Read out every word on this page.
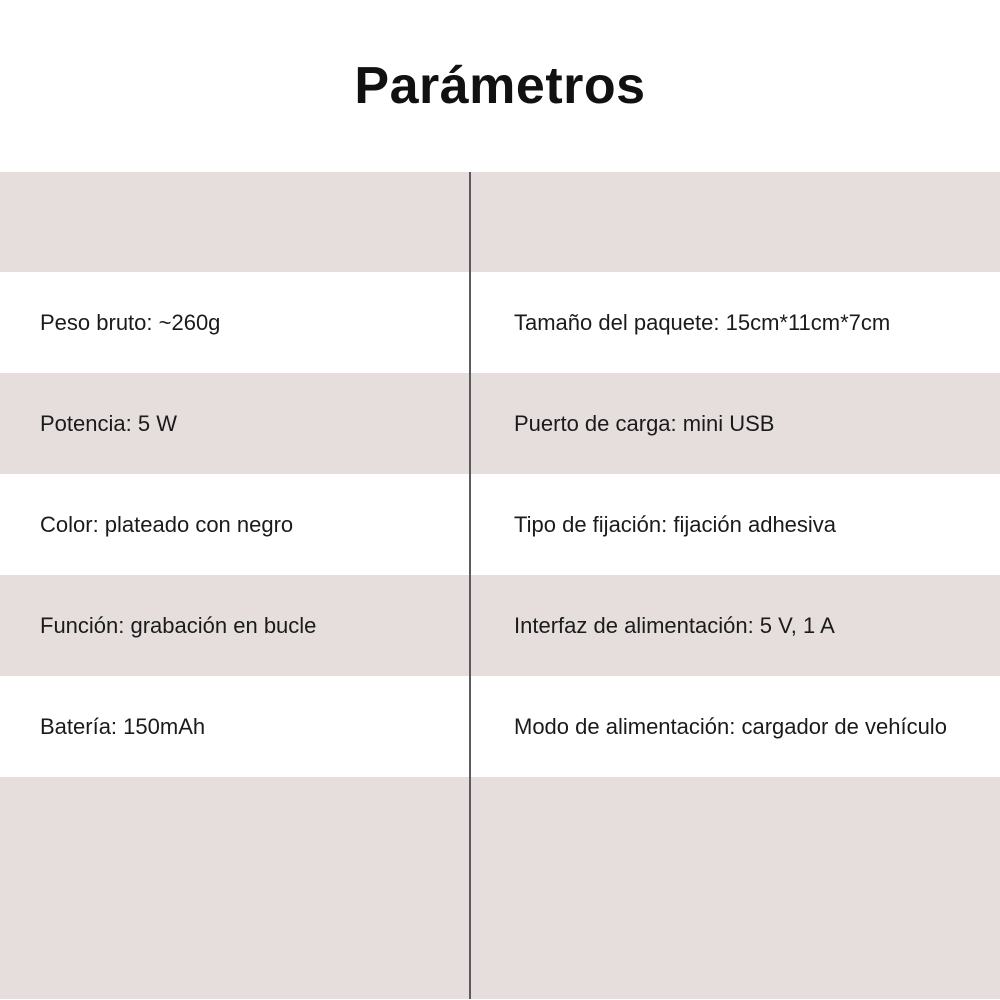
Parámetros
Peso bruto: ~260g	Tamaño del paquete: 15cm*11cm*7cm
Potencia: 5 W	Puerto de carga: mini USB
Color: plateado con negro	Tipo de fijación: fijación adhesiva
Función: grabación en bucle	Interfaz de alimentación: 5 V, 1 A
Batería: 150mAh	Modo de alimentación: cargador de vehículo
